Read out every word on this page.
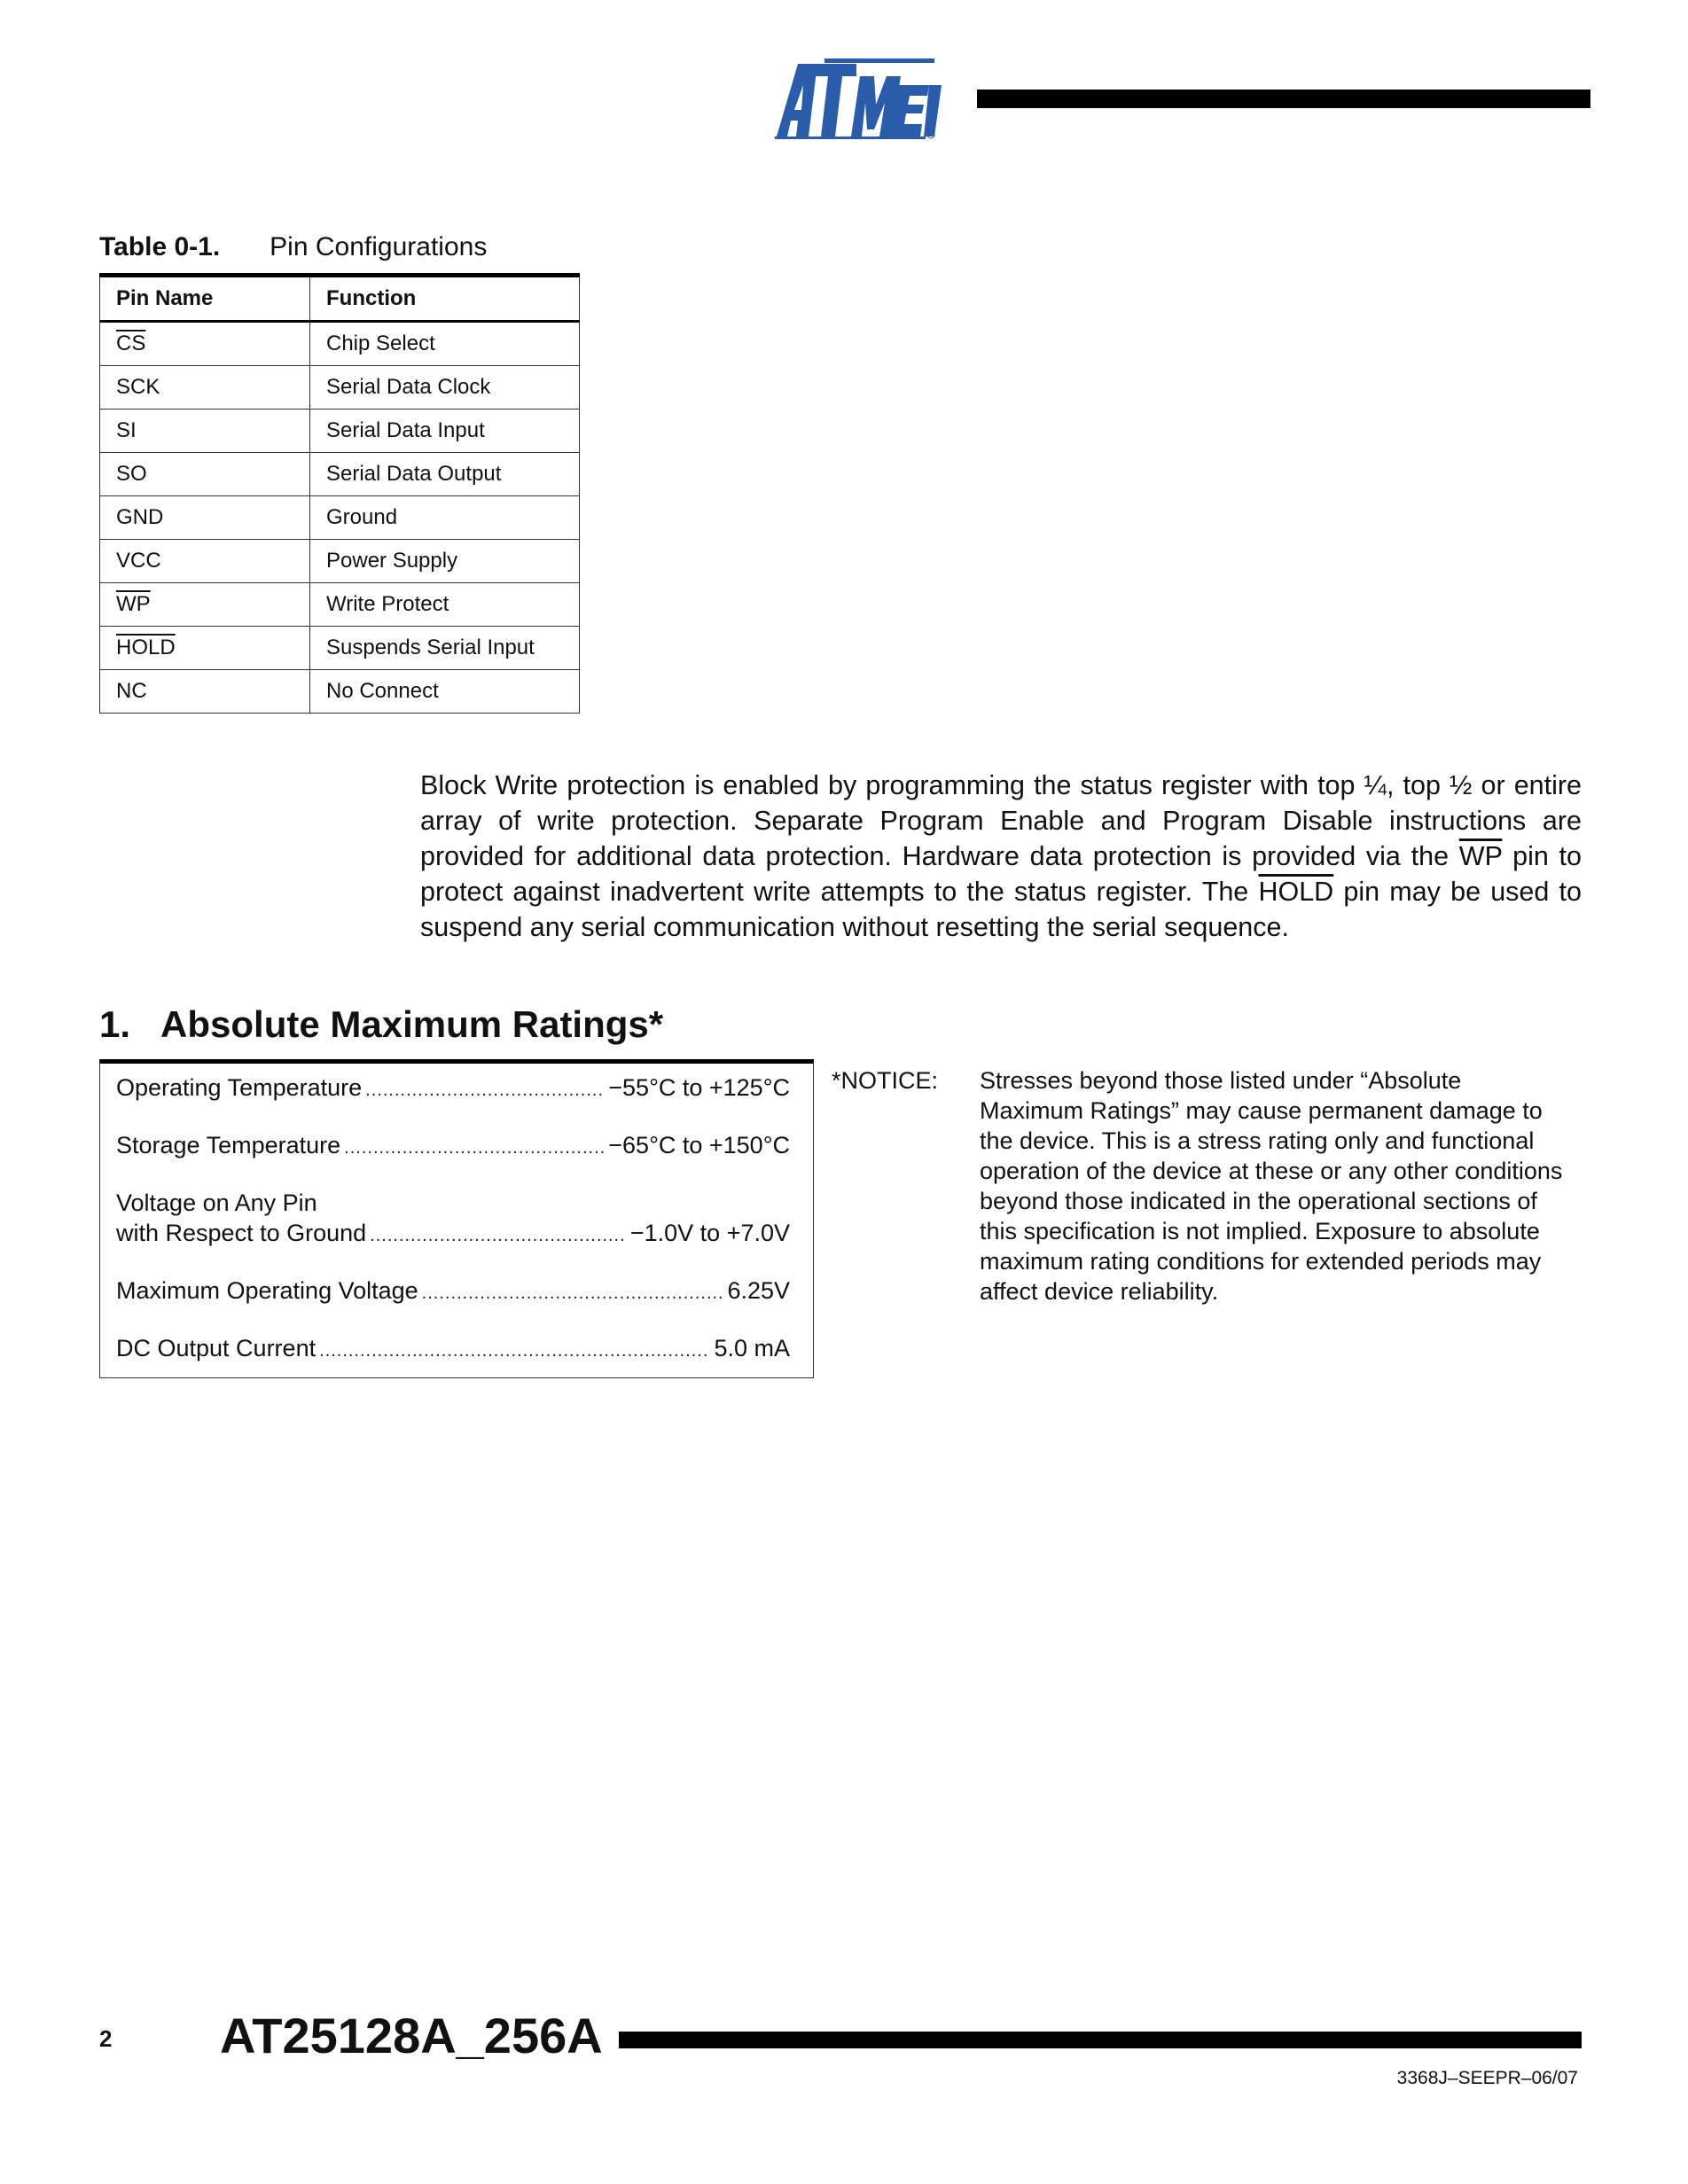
Table 0-1. Pin Configurations
Pin Name	Function
$\overline{CS}$	Chip Select
SCK	Serial Data Clock
SI	Serial Data Input
SO	Serial Data Output
GND	Ground
VCC	Power Supply
$\overline{WP}$	Write Protect
HOLD	Suspends Serial Input
NC	No Connect

Block Write protection is enabled by programming the status register with top ¼, top ½ or entire array of write protection. Separate Program Enable and Program Disable instructions are provided for additional data protection. Hardware data protection is provided via the $\overline{WP}$ pin to protect against inadvertent write attempts to the status register. The HOLD pin may be used to suspend any serial communication without resetting the serial sequence.

1. Absolute Maximum Ratings*
Operating Temperature .....	−55°C to +125°C
Storage Temperature .....	−65°C to +150°C
Voltage on Any Pin
with Respect to Ground .....	−1.0V to +7.0V
Maximum Operating Voltage .....	6.25V
DC Output Current .....	5.0 mA
*NOTICE: Stresses beyond those listed under “Absolute Maximum Ratings” may cause permanent damage to the device. This is a stress rating only and functional operation of the device at these or any other conditions beyond those indicated in the operational sections of this specification is not implied. Exposure to absolute maximum rating conditions for extended periods may affect device reliability.

2 AT25128A_256A
3368J–SEEPR–06/07
